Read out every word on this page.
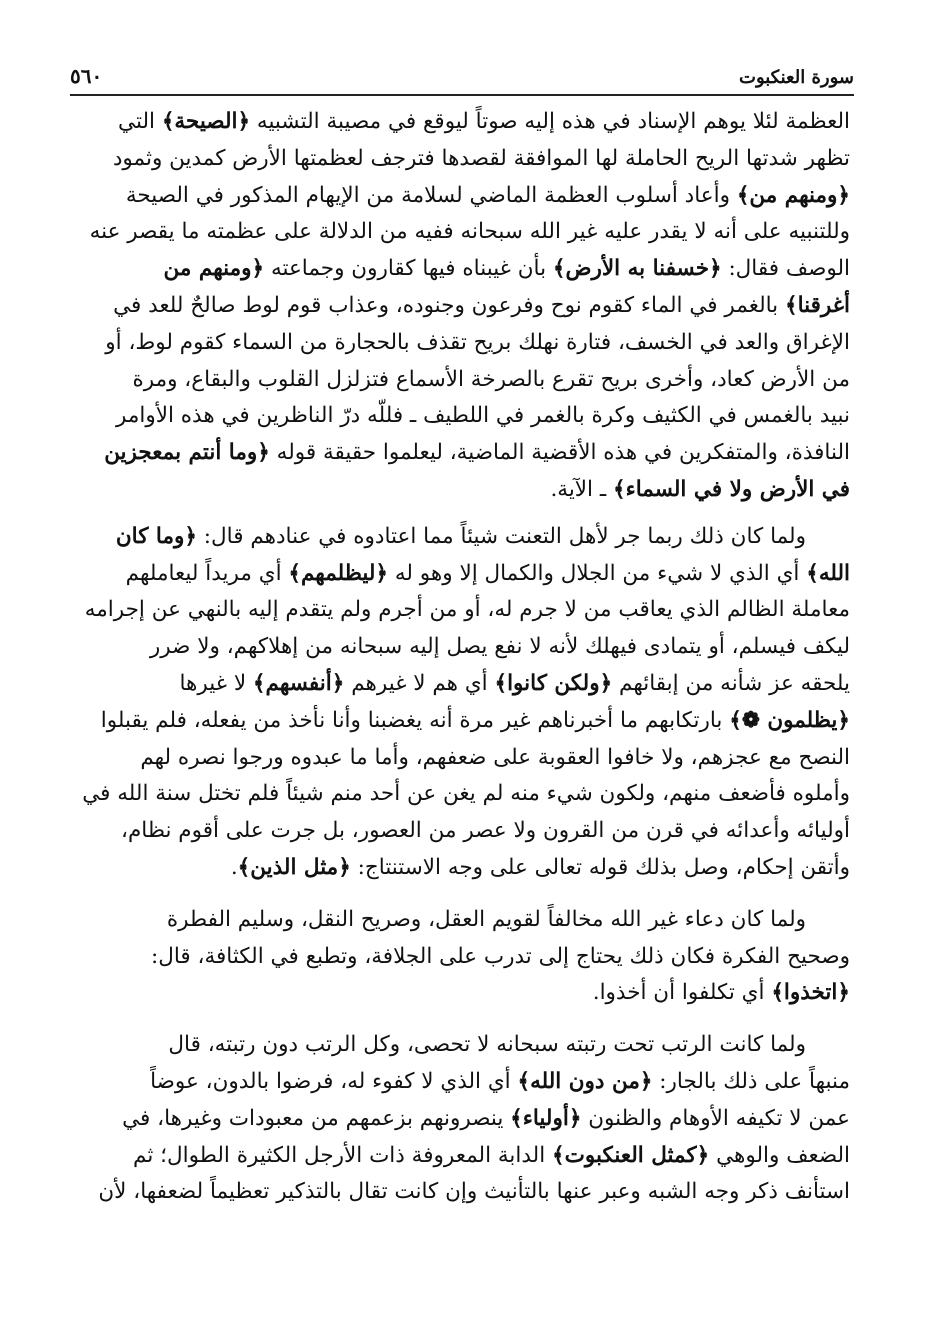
سورة العنكبوت
٥٦٠
العظمة لئلا يوهم الإسناد في هذه إليه صوتاً ليوقع في مصيبة التشبيه ﴿الصيحة﴾ التي
تظهر شدتها الريح الحاملة لها الموافقة لقصدها فترجف لعظمتها الأرض كمدين وثمود
﴿ومنهم من﴾ وأعاد أسلوب العظمة الماضي لسلامة من الإيهام المذكور في الصيحة
وللتنبيه على أنه لا يقدر عليه غير الله سبحانه ففيه من الدلالة على عظمته ما يقصر عنه
الوصف فقال: ﴿خسفنا به الأرض﴾ بأن غيبناه فيها كقارون وجماعته ﴿ومنهم من
أغرقنا﴾ بالغمر في الماء كقوم نوح وفرعون وجنوده، وعذاب قوم لوط صالحٌ للعد في
الإغراق والعد في الخسف، فتارة نهلك بريح تقذف بالحجارة من السماء كقوم لوط، أو
من الأرض كعاد، وأخرى بريح تقرع بالصرخة الأسماع فتزلزل القلوب والبقاع، ومرة
نبيد بالغمس في الكثيف وكرة بالغمر في اللطيف ـ فللّه درّ الناظرين في هذه الأوامر
النافذة، والمتفكرين في هذه الأقضية الماضية، ليعلموا حقيقة قوله ﴿وما أنتم بمعجزين
في الأرض ولا في السماء﴾ ـ الآية.
ولما كان ذلك ربما جر لأهل التعنت شيئاً مما اعتادوه في عنادهم قال: ﴿وما كان
الله﴾ أي الذي لا شيء من الجلال والكمال إلا وهو له ﴿ليظلمهم﴾ أي مريداً ليعاملهم
معاملة الظالم الذي يعاقب من لا جرم له، أو من أجرم ولم يتقدم إليه بالنهي عن إجرامه
ليكف فيسلم، أو يتمادى فيهلك لأنه لا نفع يصل إليه سبحانه من إهلاكهم، ولا ضرر
يلحقه عز شأنه من إبقائهم ﴿ولكن كانوا﴾ أي هم لا غيرهم ﴿أنفسهم﴾ لا غيرها
﴿يظلمون ❁﴾ بارتكابهم ما أخبرناهم غير مرة أنه يغضبنا وأنا نأخذ من يفعله، فلم يقبلوا
النصح مع عجزهم، ولا خافوا العقوبة على ضعفهم، وأما ما عبدوه ورجوا نصره لهم
وأملوه فأضعف منهم، ولكون شيء منه لم يغن عن أحد منم شيئاً فلم تختل سنة الله في
أوليائه وأعدائه في قرن من القرون ولا عصر من العصور، بل جرت على أقوم نظام،
وأتقن إحكام، وصل بذلك قوله تعالى على وجه الاستنتاج: ﴿مثل الذين﴾.
ولما كان دعاء غير الله مخالفاً لقويم العقل، وصريح النقل، وسليم الفطرة
وصحيح الفكرة فكان ذلك يحتاج إلى تدرب على الجلافة، وتطبع في الكثافة، قال:
﴿اتخذوا﴾ أي تكلفوا أن أخذوا.
ولما كانت الرتب تحت رتبته سبحانه لا تحصى، وكل الرتب دون رتبته، قال
منبهاً على ذلك بالجار: ﴿من دون الله﴾ أي الذي لا كفوء له، فرضوا بالدون، عوضاً
عمن لا تكيفه الأوهام والظنون ﴿أولياء﴾ ينصرونهم بزعمهم من معبودات وغيرها، في
الضعف والوهي ﴿كمثل العنكبوت﴾ الدابة المعروفة ذات الأرجل الكثيرة الطوال؛ ثم
استأنف ذكر وجه الشبه وعبر عنها بالتأنيث وإن كانت تقال بالتذكير تعظيماً لضعفها، لأن
